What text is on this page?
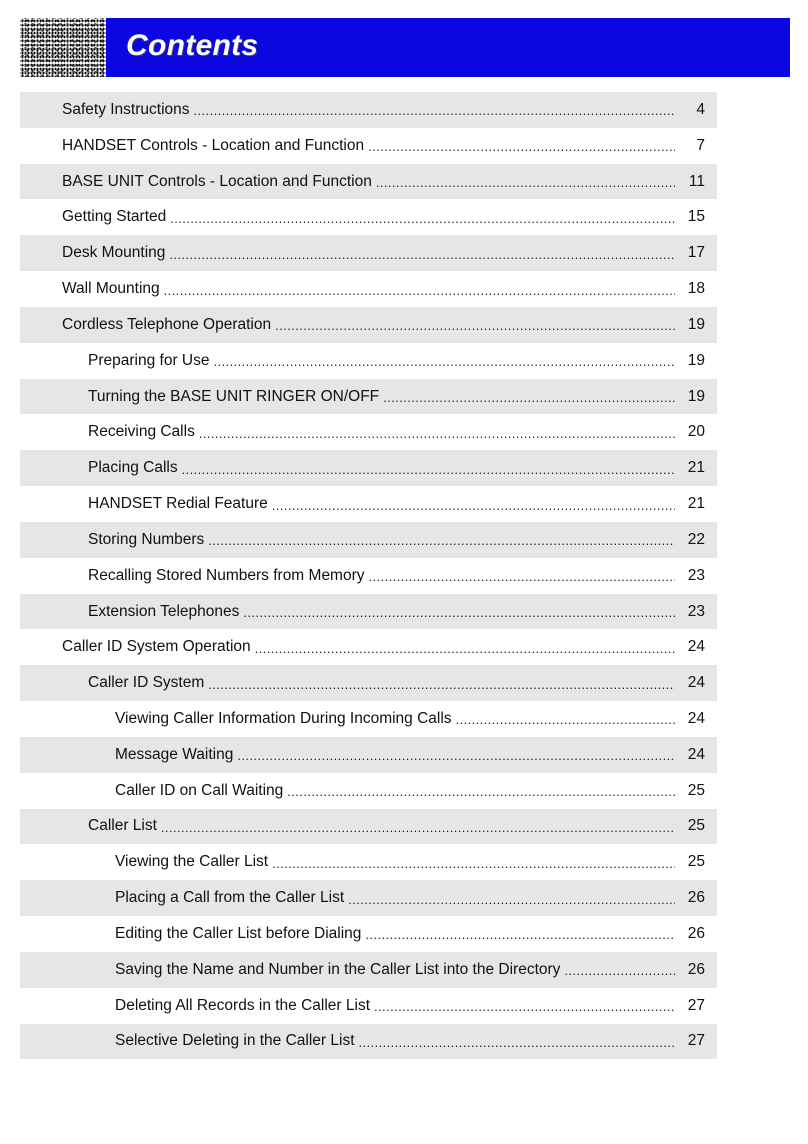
Contents
Safety Instructions .....	4
HANDSET Controls - Location and Function .....	7
BASE UNIT Controls - Location and Function .....	11
Getting Started .....	15
Desk Mounting .....	17
Wall Mounting .....	18
Cordless Telephone Operation .....	19
Preparing for Use .....	19
Turning the BASE UNIT RINGER ON/OFF .....	19
Receiving Calls .....	20
Placing Calls .....	21
HANDSET Redial Feature .....	21
Storing Numbers .....	22
Recalling Stored Numbers from Memory .....	23
Extension Telephones .....	23
Caller ID System Operation .....	24
Caller ID System .....	24
Viewing Caller Information During Incoming Calls .....	24
Message Waiting .....	24
Caller ID on Call Waiting .....	25
Caller List .....	25
Viewing the Caller List .....	25
Placing a Call from the Caller List .....	26
Editing the Caller List before Dialing .....	26
Saving the Name and Number in the Caller List into the Directory .....	26
Deleting All Records in the Caller List .....	27
Selective Deleting in the Caller List .....	27
